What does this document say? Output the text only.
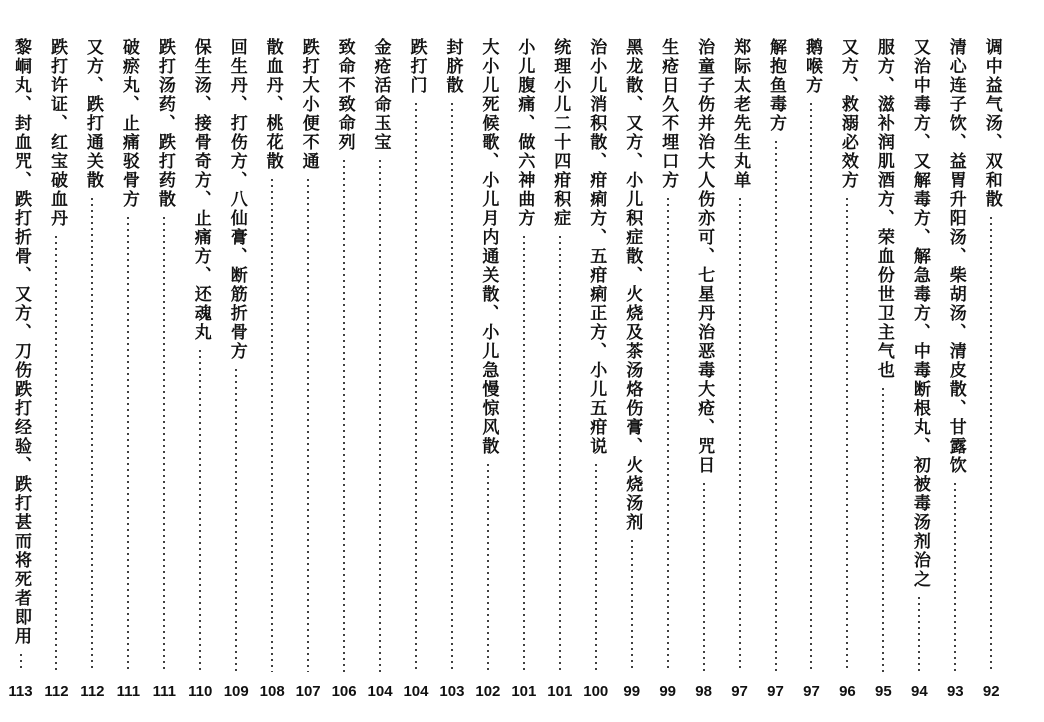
调中益气汤、双和散
92
清心连子饮、益胃升阳汤、柴胡汤、清皮散、甘露饮
93
又治中毒方、又解毒方、解急毒方、中毒断根丸、初被毒汤剂治之
94
服方、滋补润肌酒方、荣血份世卫主气也
95
又方、救溺必效方
96
鹅喉方
97
解抱鱼毒方
97
郑际太老先生丸单
97
治童子伤并治大人伤亦可、七星丹治恶毒大疮、咒日
98
生疮日久不埋口方
99
黑龙散、又方、小儿积症散、火烧及茶汤烙伤膏、火烧汤剂
99
治小儿消积散、疳痢方、五疳痢正方、小儿五疳说
100
统理小儿二十四疳积症
101
小儿腹痛、做六神曲方
101
大小儿死候歌、小儿月内通关散、小儿急慢惊风散
102
封脐散
103
跌打门
104
金疮活命玉宝
104
致命不致命列
106
跌打大小便不通
107
散血丹、桃花散
108
回生丹、打伤方、八仙膏、断筋折骨方
109
保生汤、接骨奇方、止痛方、还魂丸
110
跌打汤药、跌打药散
111
破瘀丸、止痛驳骨方
111
又方、跌打通关散
112
跌打许证、红宝破血丹
112
黎峒丸、封血咒、跌打折骨、又方、刀伤跌打经验、跌打甚而将死者即用
113
